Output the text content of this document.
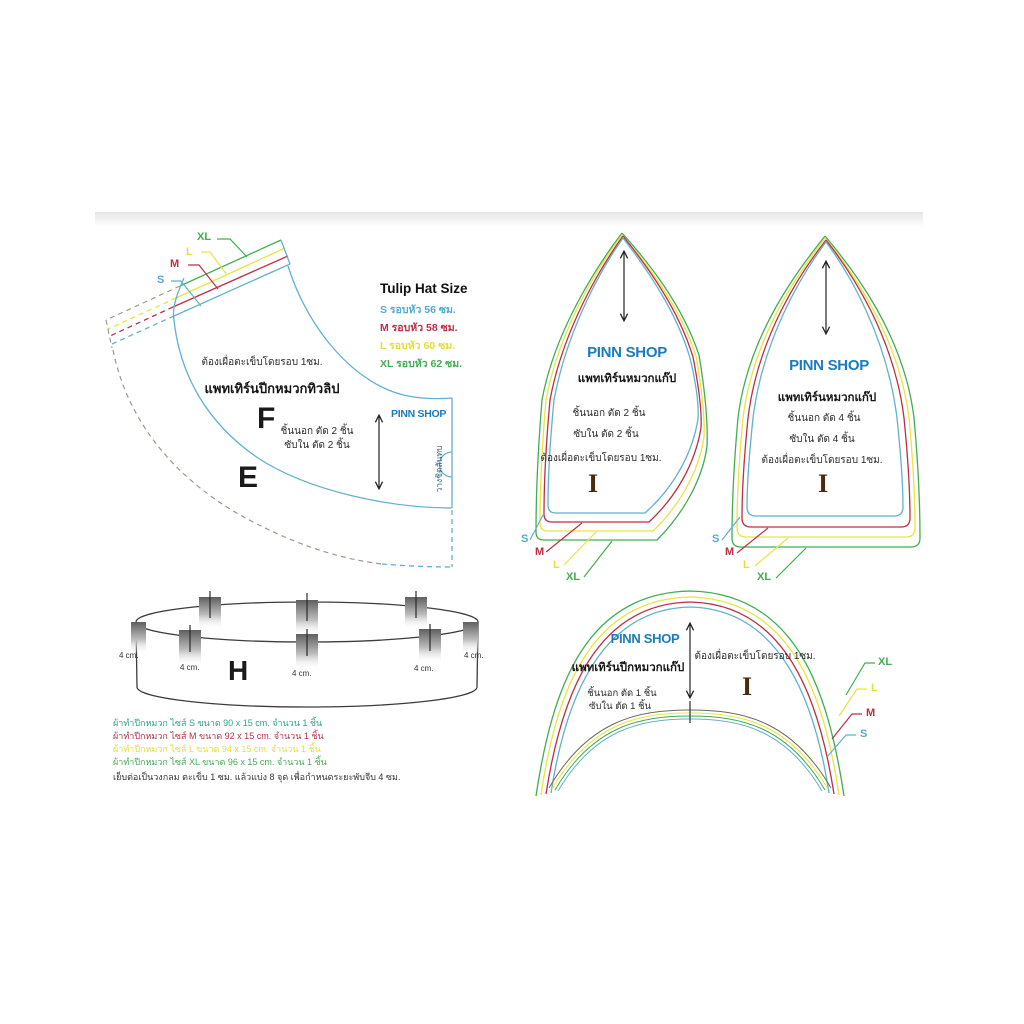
XL
L
M
S
ต้องเผื่อตะเข็บโดยรอบ 1ซม.
แพทเทิร์นปีกหมวกทิวลิป
F ชิ้นนอก ตัด 2 ชิ้น
ซับใน ตัด 2 ชิ้น
E
PINN SHOP
วางชิดสันทบ
Tulip Hat Size
S รอบหัว 56 ซม.
M รอบหัว 58 ซม.
L รอบหัว 60 ซม.
XL รอบหัว 62 ซม.
PINN SHOP
แพทเทิร์นหมวกแก๊ป
ชิ้นนอก ตัด 2 ชิ้น
ซับใน ตัด 2 ชิ้น
ต้องเผื่อตะเข็บโดยรอบ 1ซม.
I
S
M
L
XL
PINN SHOP
แพทเทิร์นหมวกแก๊ป
ชิ้นนอก ตัด 4 ชิ้น
ซับใน ตัด 4 ชิ้น
ต้องเผื่อตะเข็บโดยรอบ 1ซม.
I
S
M
L
XL
H
4 cm.
4 cm.
4 cm.
4 cm.
4 cm.
ผ้าทำปีกหมวก ไซส์ S ขนาด 90 x 15 cm. จำนวน 1 ชิ้น
ผ้าทำปีกหมวก ไซส์ M ขนาด 92 x 15 cm. จำนวน 1 ชิ้น
ผ้าทำปีกหมวก ไซส์ L ขนาด 94 x 15 cm. จำนวน 1 ชิ้น
ผ้าทำปีกหมวก ไซส์ XL ขนาด 96 x 15 cm. จำนวน 1 ชิ้น
เย็บต่อเป็นวงกลม ตะเข็บ 1 ซม. แล้วแบ่ง 8 จุด เพื่อกำหนดระยะพับจีบ 4 ซม.
PINN SHOP
แพทเทิร์นปีกหมวกแก๊ป
ชิ้นนอก ตัด 1 ชิ้น
ซับใน ตัด 1 ชิ้น
ต้องเผื่อตะเข็บโดยรอบ 1ซม.
I
XL
L
M
S
